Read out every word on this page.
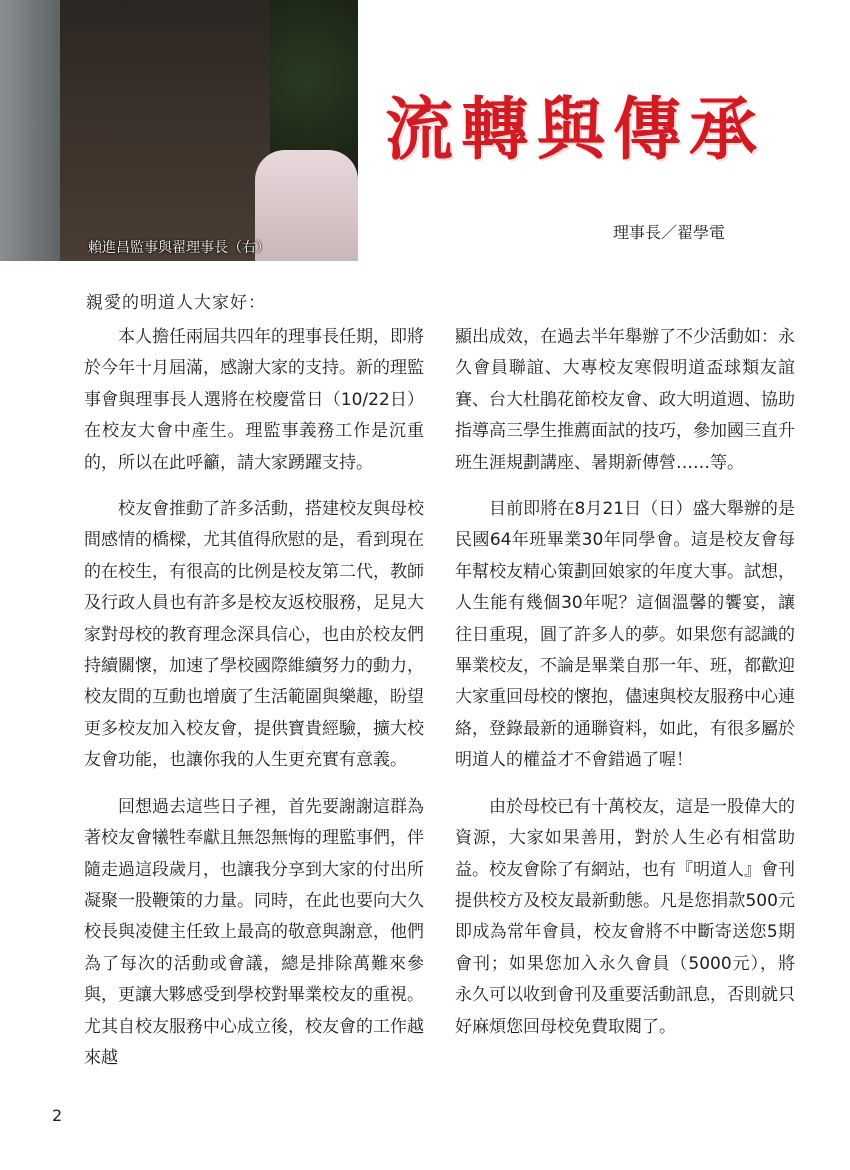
賴進昌監事與翟理事長（右）
流轉與傳承
理事長／翟學電
親愛的明道人大家好：

本人擔任兩屆共四年的理事長任期，即將於今年十月屆滿，感謝大家的支持。新的理監事會與理事長人選將在校慶當日（10/22日）在校友大會中產生。理監事義務工作是沉重的，所以在此呼籲，請大家踴躍支持。

校友會推動了許多活動，搭建校友與母校間感情的橋樑，尤其值得欣慰的是，看到現在的在校生，有很高的比例是校友第二代，教師及行政人員也有許多是校友返校服務，足見大家對母校的教育理念深具信心，也由於校友們持續關懷，加速了學校國際維續努力的動力，校友間的互動也增廣了生活範圍與樂趣，盼望更多校友加入校友會，提供寶貴經驗，擴大校友會功能，也讓你我的人生更充實有意義。

回想過去這些日子裡，首先要謝謝這群為著校友會犧牲奉獻且無怨無悔的理監事們，伴隨走過這段歲月，也讓我分享到大家的付出所凝聚一股鞭策的力量。同時，在此也要向大久校長與凌健主任致上最高的敬意與謝意，他們為了每次的活動或會議，總是排除萬難來參與，更讓大夥感受到學校對畢業校友的重視。尤其自校友服務中心成立後，校友會的工作越來越

顯出成效，在過去半年舉辦了不少活動如：永久會員聯誼、大專校友寒假明道盃球類友誼賽、台大杜鵑花節校友會、政大明道週、協助指導高三學生推薦面試的技巧，參加國三直升班生涯規劃講座、暑期新傳營……等。

目前即將在8月21日（日）盛大舉辦的是民國64年班畢業30年同學會。這是校友會每年幫校友精心策劃回娘家的年度大事。試想，人生能有幾個30年呢？這個溫馨的饗宴，讓往日重現，圓了許多人的夢。如果您有認識的畢業校友，不論是畢業自那一年、班，都歡迎大家重回母校的懷抱，儘速與校友服務中心連絡，登錄最新的通聯資料，如此，有很多屬於明道人的權益才不會錯過了喔！

由於母校已有十萬校友，這是一股偉大的資源，大家如果善用，對於人生必有相當助益。校友會除了有網站，也有『明道人』會刊提供校方及校友最新動態。凡是您捐款500元即成為常年會員，校友會將不中斷寄送您5期會刊；如果您加入永久會員（5000元），將永久可以收到會刊及重要活動訊息，否則就只好麻煩您回母校免費取閱了。

2
